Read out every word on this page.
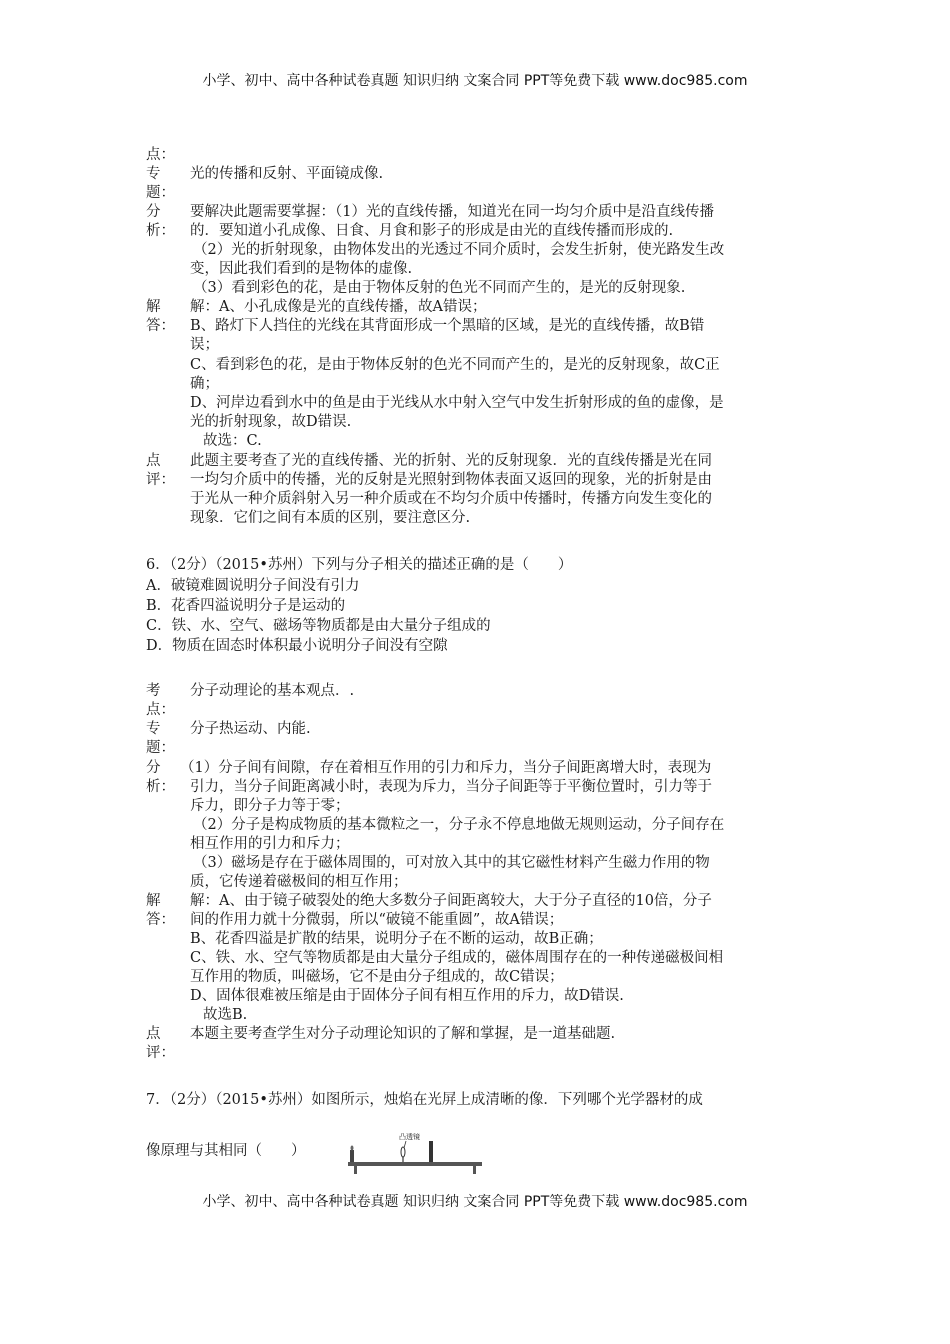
小学、初中、高中各种试卷真题 知识归纳 文案合同 PPT等免费下载 www.doc985.com
点：
专 光的传播和反射、平面镜成像.
题：
分
析：
要解决此题需要掌握：（1）光的直线传播，知道光在同一均匀介质中是沿直线传播
的．要知道小孔成像、日食、月食和影子的形成是由光的直线传播而形成的.
（2）光的折射现象，由物体发出的光透过不同介质时，会发生折射，使光路发生改
变，因此我们看到的是物体的虚像.
（3）看到彩色的花，是由于物体反射的色光不同而产生的，是光的反射现象.
解
答：
解：A、小孔成像是光的直线传播，故A错误；
B、路灯下人挡住的光线在其背面形成一个黑暗的区域，是光的直线传播，故B错
误；
C、看到彩色的花，是由于物体反射的色光不同而产生的，是光的反射现象，故C正
确；
D、河岸边看到水中的鱼是由于光线从水中射入空气中发生折射形成的鱼的虚像，是
光的折射现象，故D错误.
故选：C.
点
评：
此题主要考查了光的直线传播、光的折射、光的反射现象．光的直线传播是光在同
一均匀介质中的传播，光的反射是光照射到物体表面又返回的现象，光的折射是由
于光从一种介质斜射入另一种介质或在不均匀介质中传播时，传播方向发生变化的
现象．它们之间有本质的区别，要注意区分.
6．（2分）（2015•苏州）下列与分子相关的描述正确的是（　　）
A．破镜难圆说明分子间没有引力
B．花香四溢说明分子是运动的
C．铁、水、空气、磁场等物质都是由大量分子组成的
D．物质在固态时体积最小说明分子间没有空隙
考
点：
分子动理论的基本观点．.
专
题：
分子热运动、内能.
分
析：
（1）分子间有间隙，存在着相互作用的引力和斥力，当分子间距离增大时，表现为
引力，当分子间距离减小时，表现为斥力，当分子间距等于平衡位置时，引力等于
斥力，即分子力等于零；
（2）分子是构成物质的基本微粒之一，分子永不停息地做无规则运动，分子间存在
相互作用的引力和斥力；
（3）磁场是存在于磁体周围的，可对放入其中的其它磁性材料产生磁力作用的物
质，它传递着磁极间的相互作用；
解
答：
解：A、由于镜子破裂处的绝大多数分子间距离较大，大于分子直径的10倍，分子
间的作用力就十分微弱，所以“破镜不能重圆”，故A错误；
B、花香四溢是扩散的结果，说明分子在不断的运动，故B正确；
C、铁、水、空气等物质都是由大量分子组成的，磁体周围存在的一种传递磁极间相
互作用的物质，叫磁场，它不是由分子组成的，故C错误；
D、固体很难被压缩是由于固体分子间有相互作用的斥力，故D错误.
故选B.
点
评：
本题主要考查学生对分子动理论知识的了解和掌握，是一道基础题.
7．（2分）（2015•苏州）如图所示，烛焰在光屏上成清晰的像．下列哪个光学器材的成
凸透镜
像原理与其相同（　　）
小学、初中、高中各种试卷真题 知识归纳 文案合同 PPT等免费下载 www.doc985.com
